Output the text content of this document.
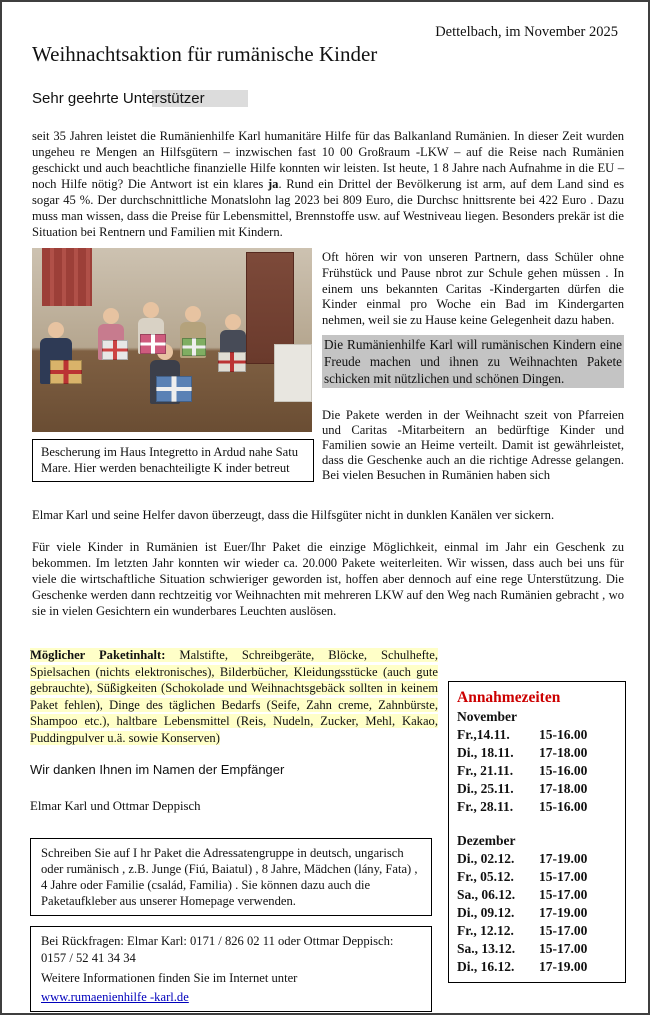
Dettelbach, im November 2025
Weihnachtsaktion für rumänische Kinder
Sehr geehrte Unterstützer

seit 35 Jahren leistet die Rumänienhilfe Karl humanitäre Hilfe für das Balkanland Rumänien. In dieser Zeit wurden ungeheu re Mengen an Hilfsgütern – inzwischen fast 10 00 Großraum -LKW – auf die Reise nach Rumänien geschickt und auch beachtliche finanzielle Hilfe konnten wir leisten. Ist heute, 1 8 Jahre nach Aufnahme in die EU – noch Hilfe nötig? Die Antwort ist ein klares ja. Rund ein Drittel der Bevölkerung ist arm, auf dem Land sind es sogar 45 %. Der durchschnittliche Monatslohn lag 2023 bei 809 Euro, die Durchsc hnittsrente bei 422 Euro . Dazu muss man wissen, dass die Preise für Lebensmittel, Brennstoffe usw. auf Westniveau liegen. Besonders prekär ist die Situation bei Rentnern und Familien mit Kindern.

Oft hören wir von unseren Partnern, dass Schüler ohne Frühstück und Pause nbrot zur Schule gehen müssen . In einem uns bekannten Caritas -Kindergarten dürfen die Kinder einmal pro Woche ein Bad im Kindergarten nehmen, weil sie zu Hause keine Gelegenheit dazu haben.

Die Rumänienhilfe Karl will rumänischen Kindern eine Freude machen und ihnen zu Weihnachten Pakete schicken mit nützlichen und schönen Dingen.

Die Pakete werden in der Weihnacht szeit von Pfarreien und Caritas -Mitarbeitern an bedürftige Kinder und Familien sowie an Heime verteilt. Damit ist gewährleistet, dass die Geschenke auch an die richtige Adresse gelangen. Bei vielen Besuchen in Rumänien haben sich

Bescherung im Haus Integretto in Ardud nahe Satu Mare. Hier werden benachteiligte K inder betreut

Elmar Karl und seine Helfer davon überzeugt, dass die Hilfsgüter nicht in dunklen Kanälen ver sickern.

Für viele Kinder in Rumänien ist Euer/Ihr Paket die einzige Möglichkeit, einmal im Jahr ein Geschenk zu bekommen. Im letzten Jahr konnten wir wieder ca. 20.000 Pakete weiterleiten. Wir wissen, dass auch bei uns für viele die wirtschaftliche Situation schwieriger geworden ist, hoffen aber dennoch auf eine rege Unterstützung. Die Geschenke werden dann rechtzeitig vor Weihnachten mit mehreren LKW auf den Weg nach Rumänien gebracht , wo sie in vielen Gesichtern ein wunderbares Leuchten auslösen.

Annahmezeiten
November
Fr.,14.11.	15-16.00
Di., 18.11.	17-18.00
Fr., 21.11.	15-16.00
Di., 25.11.	17-18.00
Fr., 28.11.	15-16.00
Dezember
Di., 02.12.	17-19.00
Fr., 05.12.	15-17.00
Sa., 06.12.	15-17.00
Di., 09.12.	17-19.00
Fr., 12.12.	15-17.00
Sa., 13.12.	15-17.00
Di., 16.12.	17-19.00

Möglicher Paketinhalt: Malstifte, Schreibgeräte, Blöcke, Schulhefte, Spielsachen (nichts elektronisches), Bilderbücher, Kleidungsstücke (auch gute gebrauchte), Süßigkeiten (Schokolade und Weihnachtsgebäck sollten in keinem Paket fehlen), Dinge des täglichen Bedarfs (Seife, Zahn creme, Zahnbürste, Shampoo etc.), haltbare Lebensmittel (Reis, Nudeln, Zucker, Mehl, Kakao, Puddingpulver u.ä. sowie Konserven)

Wir danken Ihnen im Namen der Empfänger

Elmar Karl und Ottmar Deppisch

Schreiben Sie auf I hr Paket die Adressatengruppe in deutsch, ungarisch oder rumänisch , z.B. Junge (Fiú, Baiatul) , 8 Jahre, Mädchen (lány, Fata) , 4 Jahre oder Familie (család, Familia) . Sie können dazu auch die Paketaufkleber aus unserer Homepage verwenden.
Bei Rückfragen: Elmar Karl: 0171 / 826 02 11 oder Ottmar Deppisch:
0157 / 52 41 34 34
Weitere Informationen finden Sie im Internet unter
www.rumaenienhilfe -karl.de
